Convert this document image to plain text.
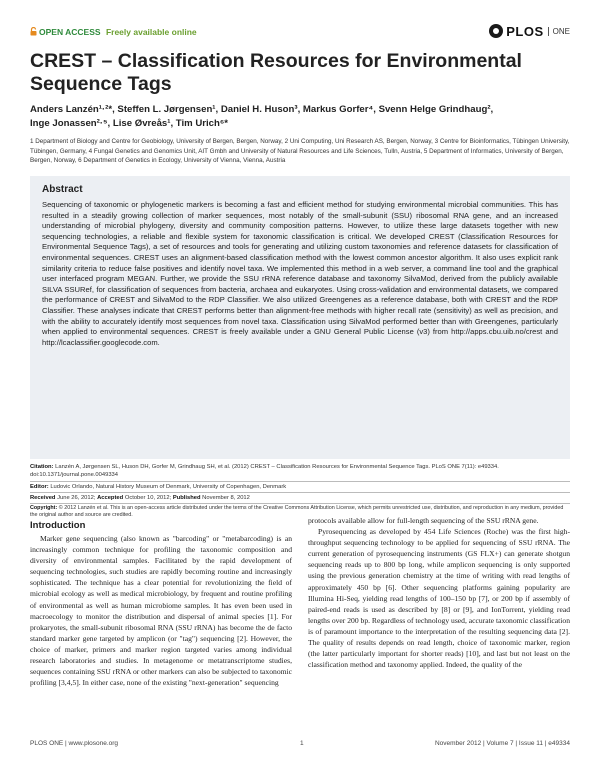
OPEN ACCESS Freely available online	PLOS	ONE
CREST – Classification Resources for Environmental
Sequence Tags
Anders Lanzén¹·²*, Steffen L. Jørgensen¹, Daniel H. Huson³, Markus Gorfer⁴, Svenn Helge Grindhaug²,
Inge Jonassen²·⁵, Lise Øvreås¹, Tim Urich⁶*
1 Department of Biology and Centre for Geobiology, University of Bergen, Bergen, Norway, 2 Uni Computing, Uni Research AS, Bergen, Norway, 3 Centre for Bioinformatics, Tübingen University, Tübingen, Germany, 4 Fungal Genetics and Genomics Unit, AIT Gmbh and University of Natural Resources and Life Sciences, Tulln, Austria, 5 Department of Informatics, University of Bergen, Bergen, Norway, 6 Department of Genetics in Ecology, University of Vienna, Vienna, Austria
Abstract
Sequencing of taxonomic or phylogenetic markers is becoming a fast and efficient method for studying environmental microbial communities. This has resulted in a steadily growing collection of marker sequences, most notably of the small-subunit (SSU) ribosomal RNA gene, and an increased understanding of microbial phylogeny, diversity and community composition patterns. However, to utilize these large datasets together with new sequencing technologies, a reliable and flexible system for taxonomic classification is critical. We developed CREST (Classification Resources for Environmental Sequence Tags), a set of resources and tools for generating and utilizing custom taxonomies and reference datasets for classification of environmental sequences. CREST uses an alignment-based classification method with the lowest common ancestor algorithm. It also uses explicit rank similarity criteria to reduce false positives and identify novel taxa. We implemented this method in a web server, a command line tool and the graphical user interfaced program MEGAN. Further, we provide the SSU rRNA reference database and taxonomy SilvaMod, derived from the publicly available SILVA SSURef, for classification of sequences from bacteria, archaea and eukaryotes. Using cross-validation and environmental datasets, we compared the performance of CREST and SilvaMod to the RDP Classifier. We also utilized Greengenes as a reference database, both with CREST and the RDP Classifier. These analyses indicate that CREST performs better than alignment-free methods with higher recall rate (sensitivity) as well as precision, and with the ability to accurately identify most sequences from novel taxa. Classification using SilvaMod performed better than with Greengenes, particularly when applied to environmental sequences. CREST is freely available under a GNU General Public License (v3) from http://apps.cbu.uib.no/crest and http://lcaclassifier.googlecode.com.
Citation: Lanzén A, Jørgensen SL, Huson DH, Gorfer M, Grindhaug SH, et al. (2012) CREST – Classification Resources for Environmental Sequence Tags. PLoS ONE 7(11): e49334. doi:10.1371/journal.pone.0049334
Editor: Ludovic Orlando, Natural History Museum of Denmark, University of Copenhagen, Denmark
Received June 26, 2012; Accepted October 10, 2012; Published November 8, 2012
Copyright: © 2012 Lanzén et al. This is an open-access article distributed under the terms of the Creative Commons Attribution License, which permits unrestricted use, distribution, and reproduction in any medium, provided the original author and source are credited.
Introduction
Marker gene sequencing (also known as "barcoding" or "metabarcoding) is an increasingly common technique for profiling the taxonomic composition and diversity of environmental samples. Facilitated by the rapid development of sequencing technologies, such studies are rapidly becoming routine and increasingly sophisticated. The technique has a clear potential for revolutionizing the field of microbial ecology as well as medical microbiology, by frequent and routine profiling of environmental as well as human microbiome samples. It has even been used in macroecology to monitor the distribution and dispersal of animal species [1]. For prokaryotes, the small-subunit ribosomal RNA (SSU rRNA) has become the de facto standard marker gene targeted by amplicon (or "tag") sequencing [2]. However, the choice of marker, primers and marker region targeted varies among individual research laboratories and studies. In metagenome or metatranscriptome studies, sequences containing SSU rRNA or other markers can also be subjected to taxonomic profiling [3,4,5]. In either case, none of the existing "next-generation" sequencing

protocols available allow for full-length sequencing of the SSU rRNA gene.

Pyrosequencing as developed by 454 Life Sciences (Roche) was the first high-throughput sequencing technology to be applied for sequencing of SSU rRNA. The current generation of pyrosequencing instruments (GS FLX+) can generate shotgun sequencing reads up to 800 bp long, while amplicon sequencing is only supported using the previous generation chemistry at the time of writing with read lengths of approximately 450 bp [6]. Other sequencing platforms gaining popularity are Illumina Hi-Seq, yielding read lengths of 100–150 bp [7], or 200 bp if assembly of paired-end reads is used as described by [8] or [9], and IonTorrent, yielding read lengths over 200 bp. Regardless of technology used, accurate taxonomic classification is of paramount importance to the interpretation of the resulting sequencing data [2]. The quality of results depends on read length, choice of taxonomic marker, region (the latter particularly important for shorter reads) [10], and last but not least on the classification method and taxonomy applied. Indeed, the quality of the

PLOS ONE | www.plosone.org	1	November 2012 | Volume 7 | Issue 11 | e49334
